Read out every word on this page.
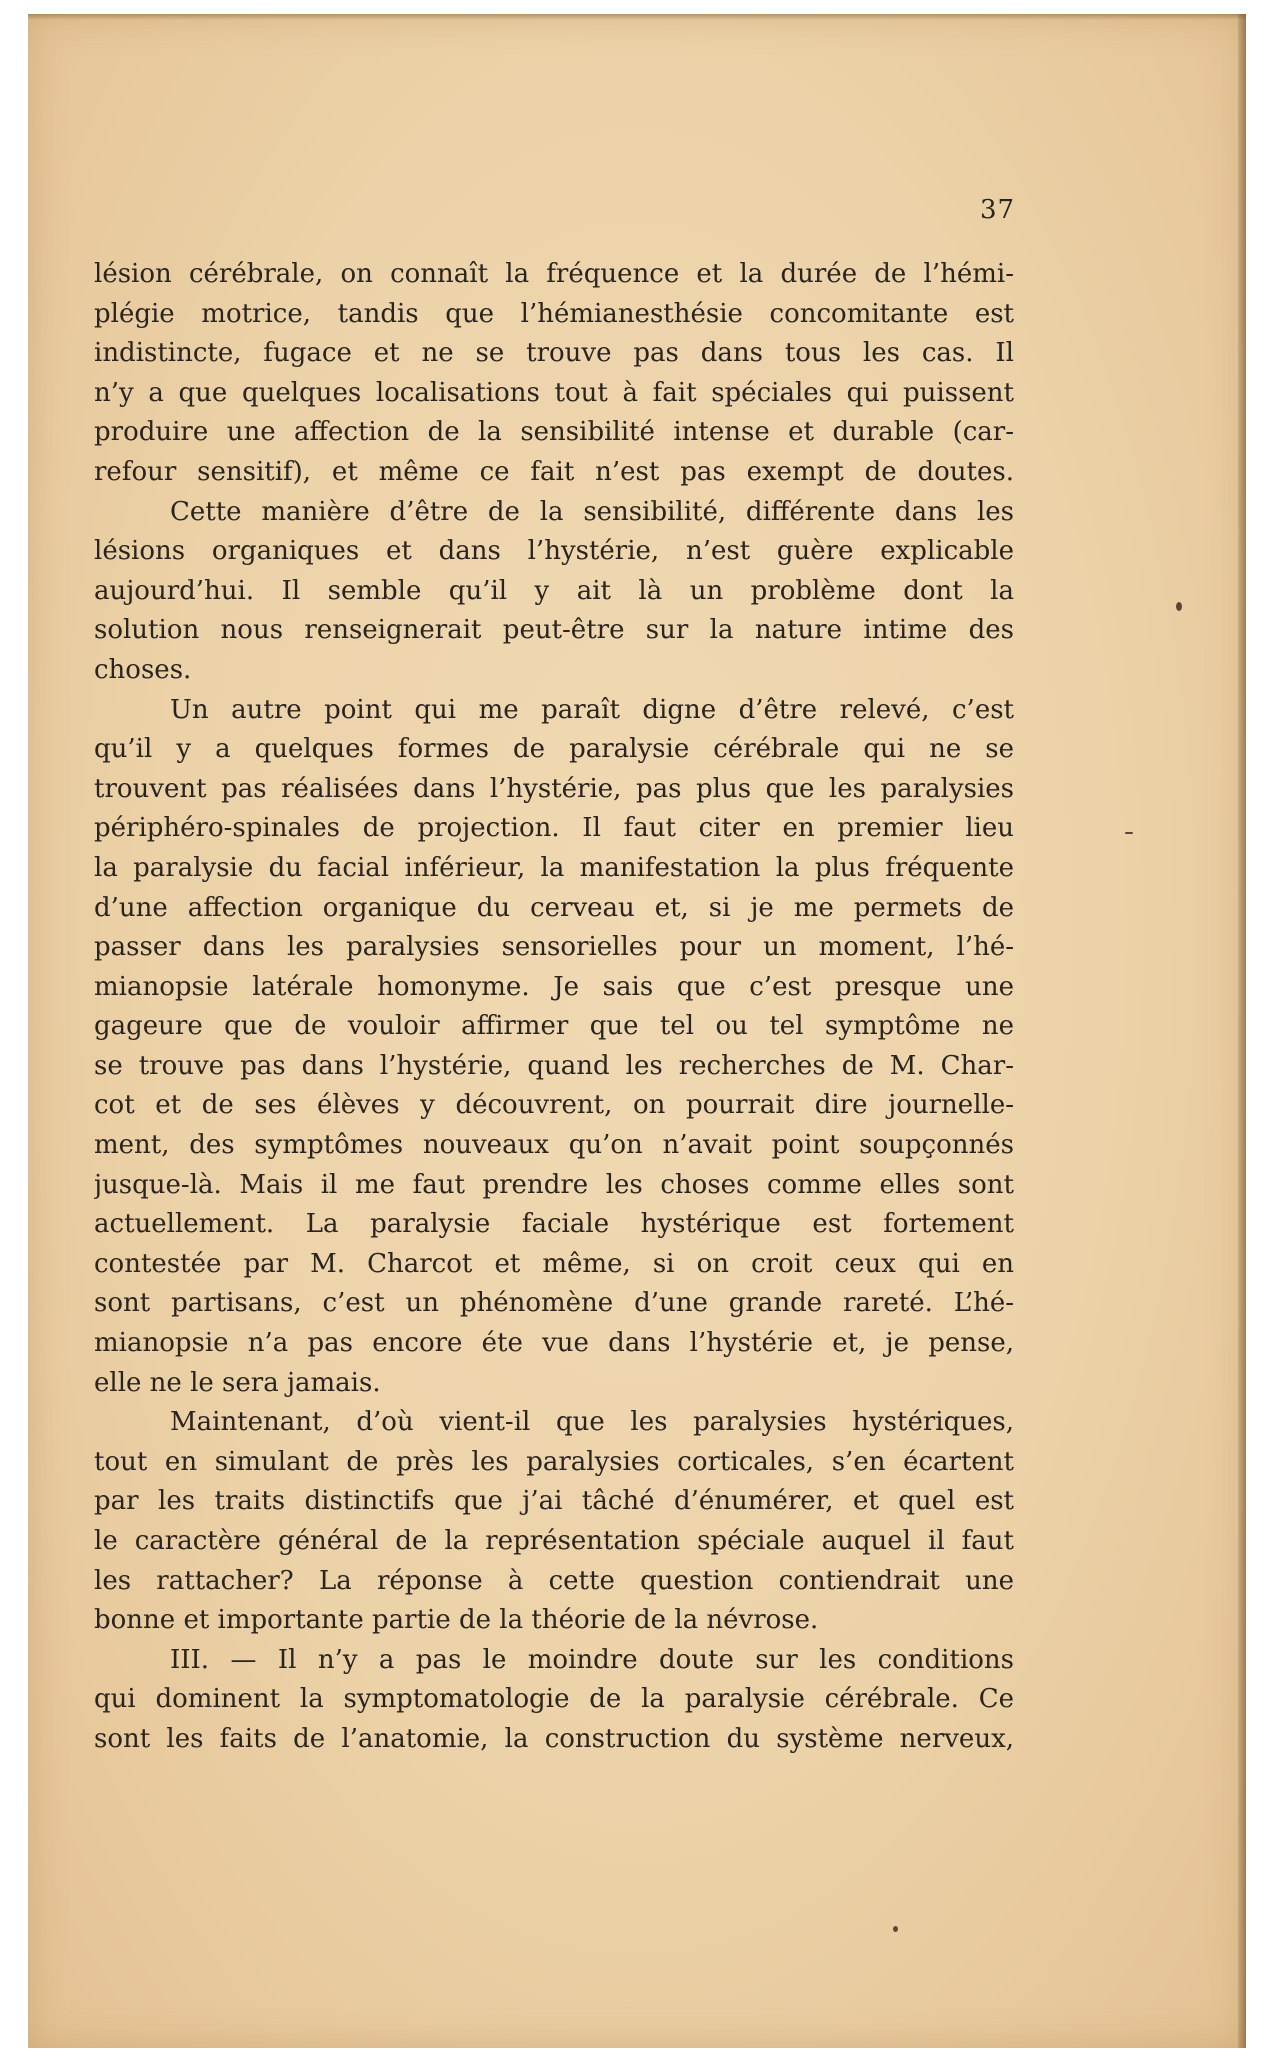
37
lésion cérébrale, on connaît la fréquence et la durée de l’hémi-
plégie motrice, tandis que l’hémianesthésie concomitante est
indistincte, fugace et ne se trouve pas dans tous les cas. Il
n’y a que quelques localisations tout à fait spéciales qui puissent
produire une affection de la sensibilité intense et durable (car-
refour sensitif), et même ce fait n’est pas exempt de doutes.
Cette manière d’être de la sensibilité, différente dans les
lésions organiques et dans l’hystérie, n’est guère explicable
aujourd’hui. Il semble qu’il y ait là un problème dont la
solution nous renseignerait peut-être sur la nature intime des
choses.
Un autre point qui me paraît digne d’être relevé, c’est
qu’il y a quelques formes de paralysie cérébrale qui ne se
trouvent pas réalisées dans l’hystérie, pas plus que les paralysies
périphéro-spinales de projection. Il faut citer en premier lieu
la paralysie du facial inférieur, la manifestation la plus fréquente
d’une affection organique du cerveau et, si je me permets de
passer dans les paralysies sensorielles pour un moment, l’hé-
mianopsie latérale homonyme. Je sais que c’est presque une
gageure que de vouloir affirmer que tel ou tel symptôme ne
se trouve pas dans l’hystérie, quand les recherches de M. Char-
cot et de ses élèves y découvrent, on pourrait dire journelle-
ment, des symptômes nouveaux qu’on n’avait point soupçonnés
jusque-là. Mais il me faut prendre les choses comme elles sont
actuellement. La paralysie faciale hystérique est fortement
contestée par M. Charcot et même, si on croit ceux qui en
sont partisans, c’est un phénomène d’une grande rareté. L’hé-
mianopsie n’a pas encore éte vue dans l’hystérie et, je pense,
elle ne le sera jamais.
Maintenant, d’où vient-il que les paralysies hystériques,
tout en simulant de près les paralysies corticales, s’en écartent
par les traits distinctifs que j’ai tâché d’énumérer, et quel est
le caractère général de la représentation spéciale auquel il faut
les rattacher? La réponse à cette question contiendrait une
bonne et importante partie de la théorie de la névrose.
III. — Il n’y a pas le moindre doute sur les conditions
qui dominent la symptomatologie de la paralysie cérébrale. Ce
sont les faits de l’anatomie, la construction du système nerveux,
